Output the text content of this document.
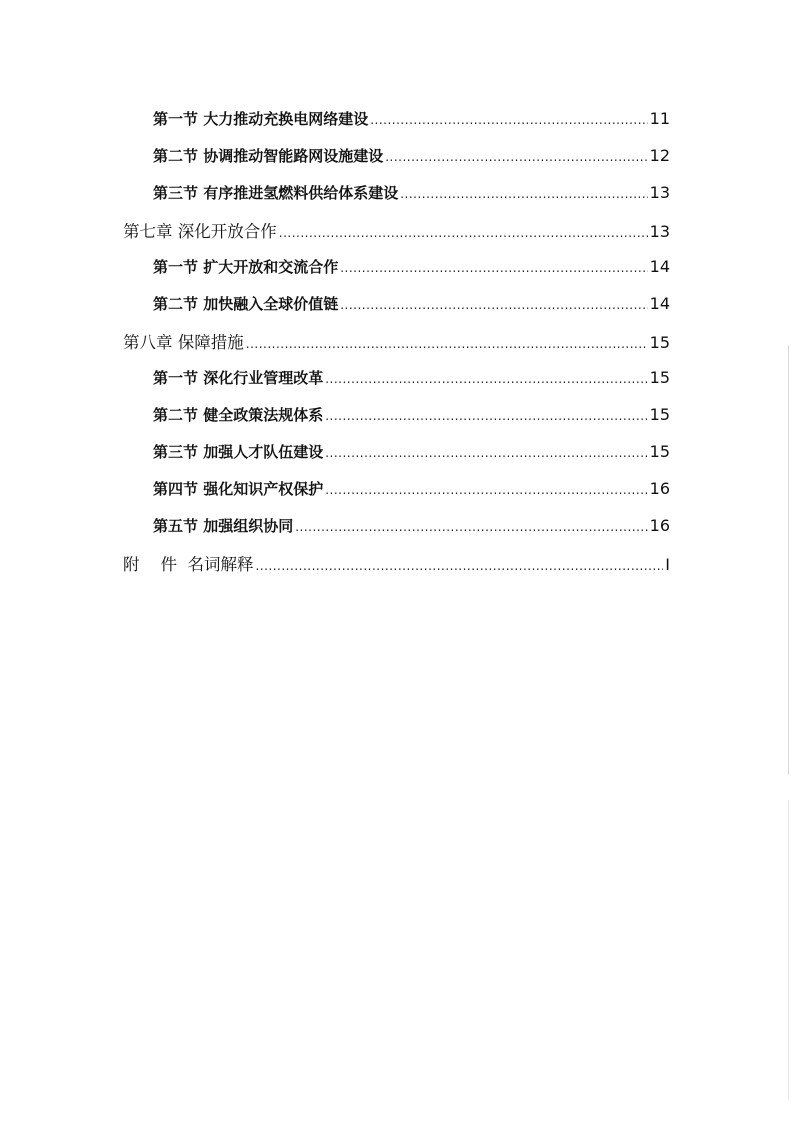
第一节 大力推动充换电网络建设 .....	11
第二节 协调推动智能路网设施建设 .....	12
第三节 有序推进氢燃料供给体系建设 .....	13
第七章 深化开放合作 .....	13
第一节 扩大开放和交流合作 .....	14
第二节 加快融入全球价值链 .....	14
第八章 保障措施 .....	15
第一节 深化行业管理改革 .....	15
第二节 健全政策法规体系 .....	15
第三节 加强人才队伍建设 .....	15
第四节 强化知识产权保护 .....	16
第五节 加强组织协同 .....	16
附    件  名词解释 .....	I
